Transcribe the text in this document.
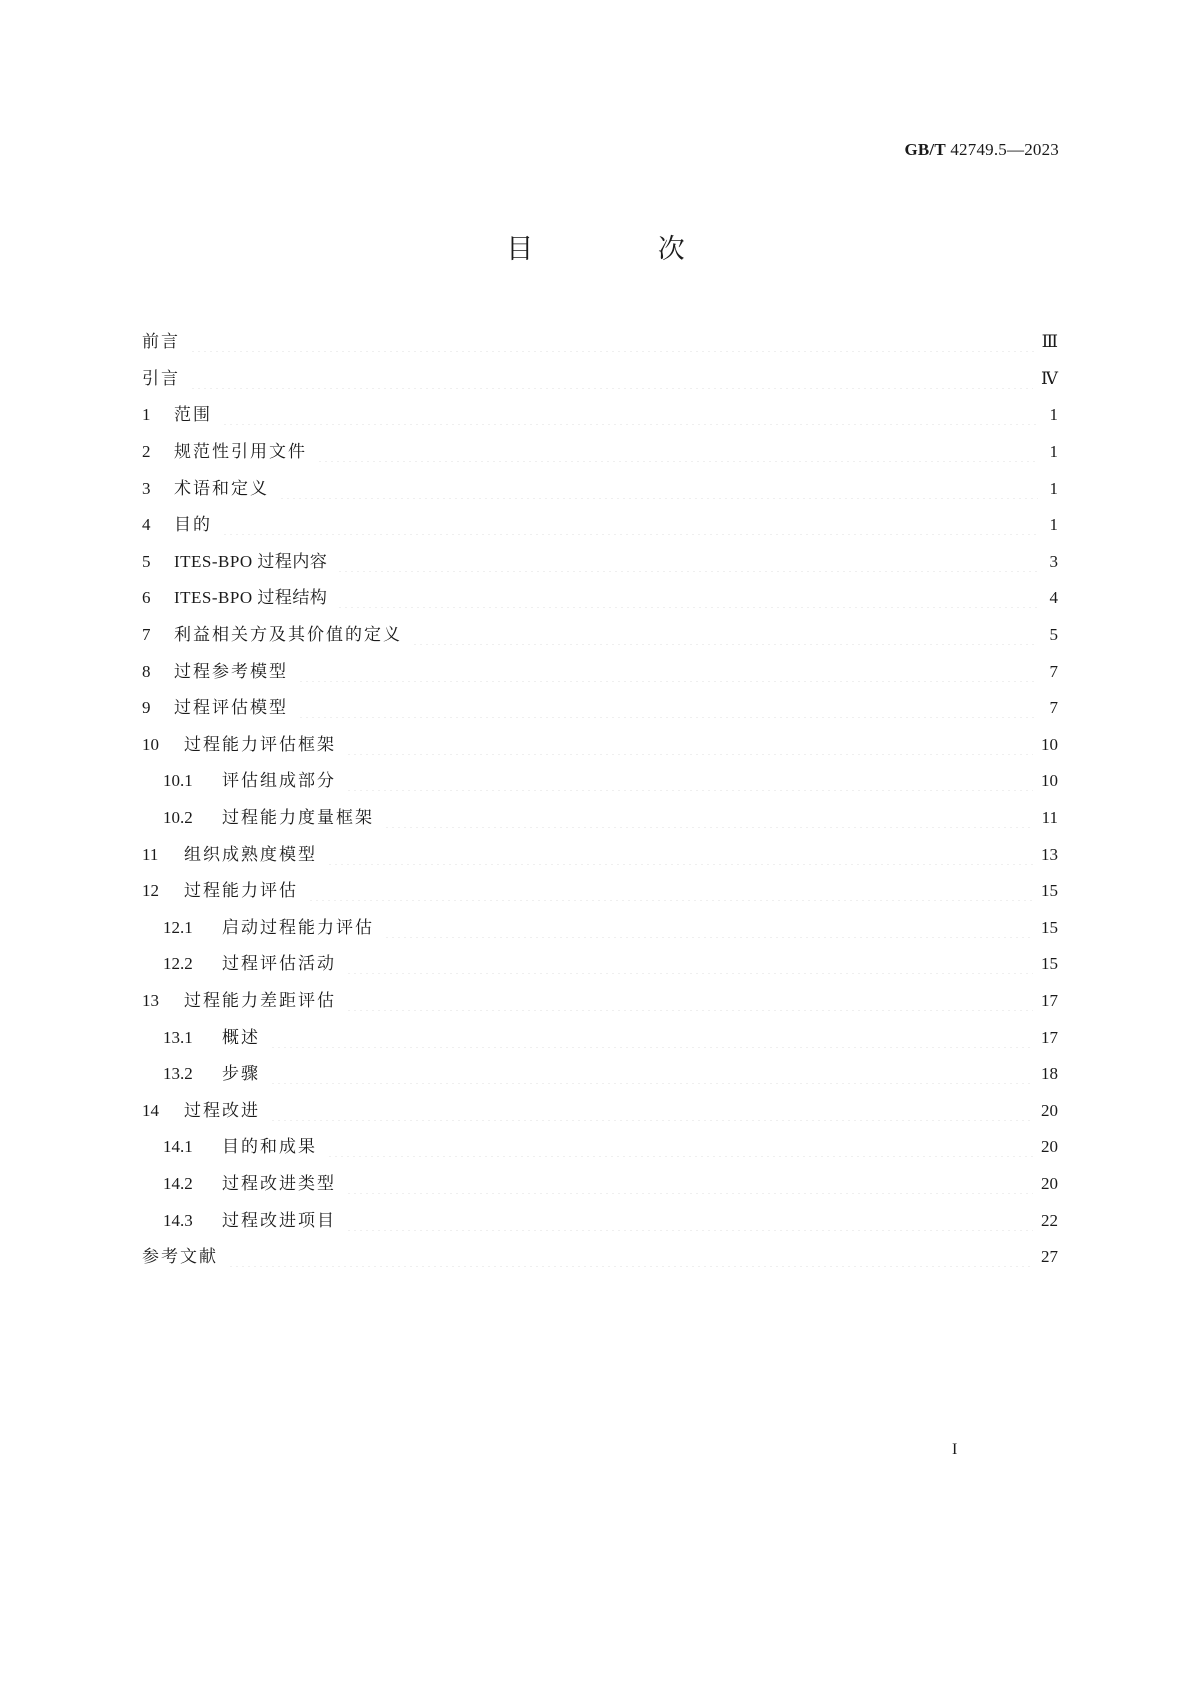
GB/T 42749.5—2023
目 次
前言	Ⅲ
引言	Ⅳ
1	范围	1
2	规范性引用文件	1
3	术语和定义	1
4	目的	1
5	ITES-BPO 过程内容	3
6	ITES-BPO 过程结构	4
7	利益相关方及其价值的定义	5
8	过程参考模型	7
9	过程评估模型	7
10	过程能力评估框架	10
10.1	评估组成部分	10
10.2	过程能力度量框架	11
11	组织成熟度模型	13
12	过程能力评估	15
12.1	启动过程能力评估	15
12.2	过程评估活动	15
13	过程能力差距评估	17
13.1	概述	17
13.2	步骤	18
14	过程改进	20
14.1	目的和成果	20
14.2	过程改进类型	20
14.3	过程改进项目	22
参考文献	27
I
